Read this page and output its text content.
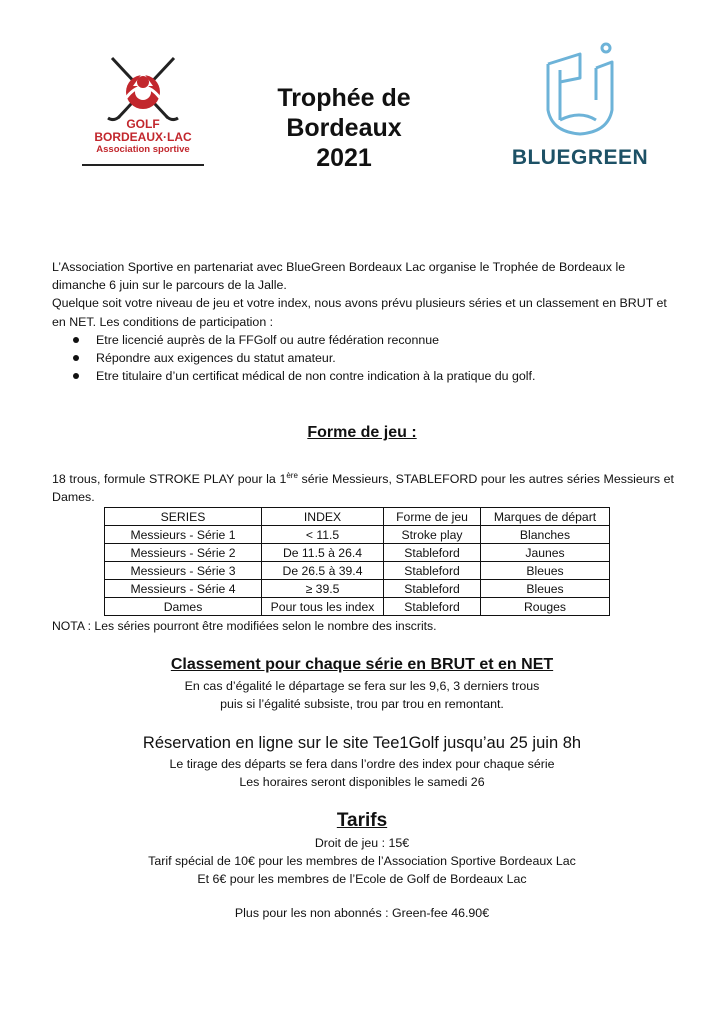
GOLF
BORDEAUX·LAC
Association sportive
Trophée de
Bordeaux
2021	BLUEGREEN

L’Association Sportive en partenariat avec BlueGreen Bordeaux Lac organise le Trophée de Bordeaux le dimanche 6 juin sur le parcours de la Jalle.

Quelque soit votre niveau de jeu et votre index, nous avons prévu plusieurs séries et un classement en BRUT et en NET. Les conditions de participation :

Etre licencié auprès de la FFGolf ou autre fédération reconnue
Répondre aux exigences du statut amateur.
Etre titulaire d’un certificat médical de non contre indication à la pratique du golf.
Forme de jeu :
18 trous, formule STROKE PLAY pour la 1ère série Messieurs, STABLEFORD pour les autres séries Messieurs et Dames.
SERIES	INDEX	Forme de jeu	Marques de départ
Messieurs - Série 1	< 11.5	Stroke play	Blanches
Messieurs - Série 2	De 11.5 à 26.4	Stableford	Jaunes
Messieurs - Série 3	De 26.5 à 39.4	Stableford	Bleues
Messieurs - Série 4	≥ 39.5	Stableford	Bleues
Dames	Pour tous les index	Stableford	Rouges
NOTA : Les séries pourront être modifiées selon le nombre des inscrits.
Classement pour chaque série en BRUT et en NET
En cas d’égalité le départage se fera sur les 9,6, 3 derniers trous
puis si l’égalité subsiste, trou par trou en remontant.
Réservation en ligne sur le site Tee1Golf jusqu’au 25 juin 8h
Le tirage des départs se fera dans l’ordre des index pour chaque série
Les horaires seront disponibles le samedi 26
Tarifs
Droit de jeu : 15€
Tarif spécial de 10€ pour les membres de l’Association Sportive Bordeaux Lac
Et 6€ pour les membres de l’Ecole de Golf de Bordeaux Lac
Plus pour les non abonnés : Green-fee 46.90€
